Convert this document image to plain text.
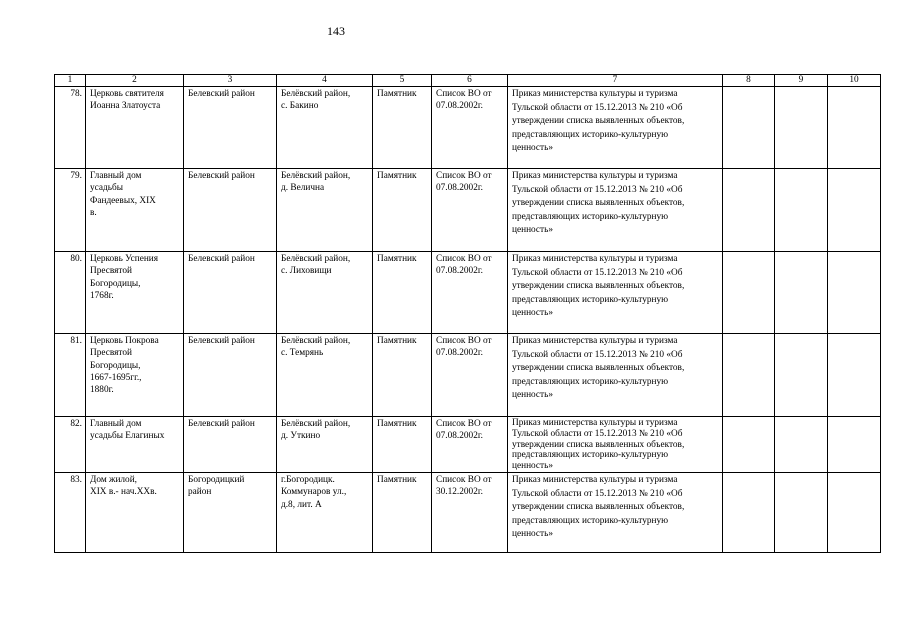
143
1	2	3	4	5	6	7	8	9	10
78.	Церковь святителя
Иоанна Златоуста	Белевский район	Белёвский район,
с. Бакино	Памятник	Список ВО от
07.08.2002г.	Приказ министерства культуры и туризма
Тульской области от 15.12.2013 № 210 «Об
утверждении списка выявленных объектов,
представляющих историко-культурную
ценность»			

79.	Главный дом
усадьбы
Фандеевых, XIX
в.	Белевский район	Белёвский район,
д. Велична	Памятник	Список ВО от
07.08.2002г.	Приказ министерства культуры и туризма
Тульской области от 15.12.2013 № 210 «Об
утверждении списка выявленных объектов,
представляющих историко-культурную
ценность»			

80.	Церковь Успения
Пресвятой
Богородицы,
1768г.	Белевский район	Белёвский район,
с. Лиховищи	Памятник	Список ВО от
07.08.2002г.	Приказ министерства культуры и туризма
Тульской области от 15.12.2013 № 210 «Об
утверждении списка выявленных объектов,
представляющих историко-культурную
ценность»			

81.	Церковь Покрова
Пресвятой
Богородицы,
1667-1695гг.,
1880г.	Белевский район	Белёвский район,
с. Темрянь	Памятник	Список ВО от
07.08.2002г.	Приказ министерства культуры и туризма
Тульской области от 15.12.2013 № 210 «Об
утверждении списка выявленных объектов,
представляющих историко-культурную
ценность»			

82.	Главный дом
усадьбы Елагиных	Белевский район	Белёвский район,
д. Уткино	Памятник	Список ВО от
07.08.2002г.	Приказ министерства культуры и туризма
Тульской области от 15.12.2013 № 210 «Об
утверждении списка выявленных объектов,
представляющих историко-культурную
ценность»			

83.	Дом жилой,
XIX в.- нач.XXв.	Богородицкий
район	г.Богородицк.
Коммунаров ул.,
д.8, лит. А	Памятник	Список ВО от
30.12.2002г.	Приказ министерства культуры и туризма
Тульской области от 15.12.2013 № 210 «Об
утверждении списка выявленных объектов,
представляющих историко-культурную
ценность»			
